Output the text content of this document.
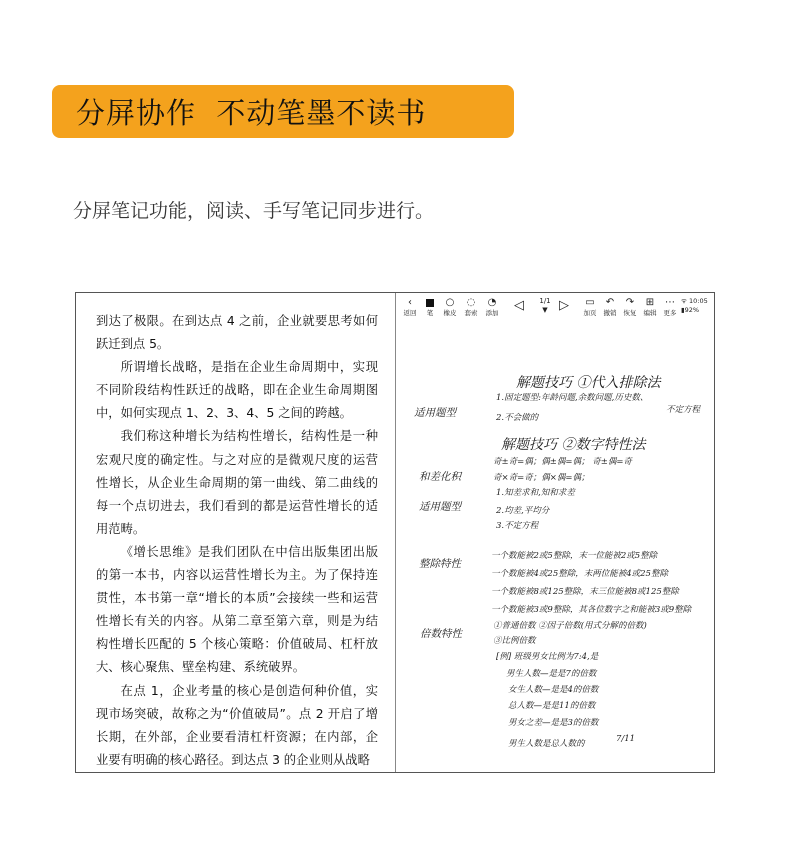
分屏协作  不动笔墨不读书
分屏笔记功能，阅读、手写笔记同步进行。

到达了极限。在到达点 4 之前，企业就要思考如何跃迁到点 5。

所谓增长战略，是指在企业生命周期中，实现不同阶段结构性跃迁的战略，即在企业生命周期图中，如何实现点 1、2、3、4、5 之间的跨越。

我们称这种增长为结构性增长，结构性是一种宏观尺度的确定性。与之对应的是微观尺度的运营性增长，从企业生命周期的第一曲线、第二曲线的每一个点切进去，我们看到的都是运营性增长的适用范畴。

《增长思维》是我们团队在中信出版集团出版的第一本书，内容以运营性增长为主。为了保持连贯性，本书第一章“增长的本质”会接续一些和运营性增长有关的内容。从第二章至第六章，则是为结构性增长匹配的 5 个核心策略：价值破局、杠杆放大、核心聚焦、壁垒构建、系统破界。

在点 1，企业考量的核心是创造何种价值，实现市场突破，故称之为“价值破局”。点 2 开启了增长期，在外部，企业要看清杠杆资源；在内部，企业要有明确的核心路径。到达点 3 的企业则从战略

‹
返回 笔
○
橡皮
◌
套索
◔
添加 ◁	1/1
▼ ▷ ▭
加页
↶
撤销
↷
恢复
⊞
编辑
⋯
更多
ᯤ 10:05
▮92%
解题技巧 ①代入排除法
1.固定题型:年龄问题,余数问题,历史数、
不定方程
2.不会做的
适用题型
解题技巧 ②数字特性法
奇±奇=偶；偶±偶=偶； 奇±偶=奇
奇×奇=奇；偶×偶=偶；
和差化积
1.知差求和,知和求差
2.均差,平均分
适用题型
3.不定方程
整除特性
一个数能被2或5整除，末一位能被2或5整除
一个数能被4或25整除，末两位能被4或25整除
一个数能被8或125整除，末三位能被8或125整除
一个数能被3或9整除，其各位数字之和能被3或9整除
①普通倍数 ②因子倍数(用式分解的倍数)
倍数特性
③比例倍数
[例] 班级男女比例为7:4,是
男生人数—是是7的倍数
女生人数—是是4的倍数
总人数—是是11的倍数
男女之差—是是3的倍数
男生人数是总人数的	7/11
